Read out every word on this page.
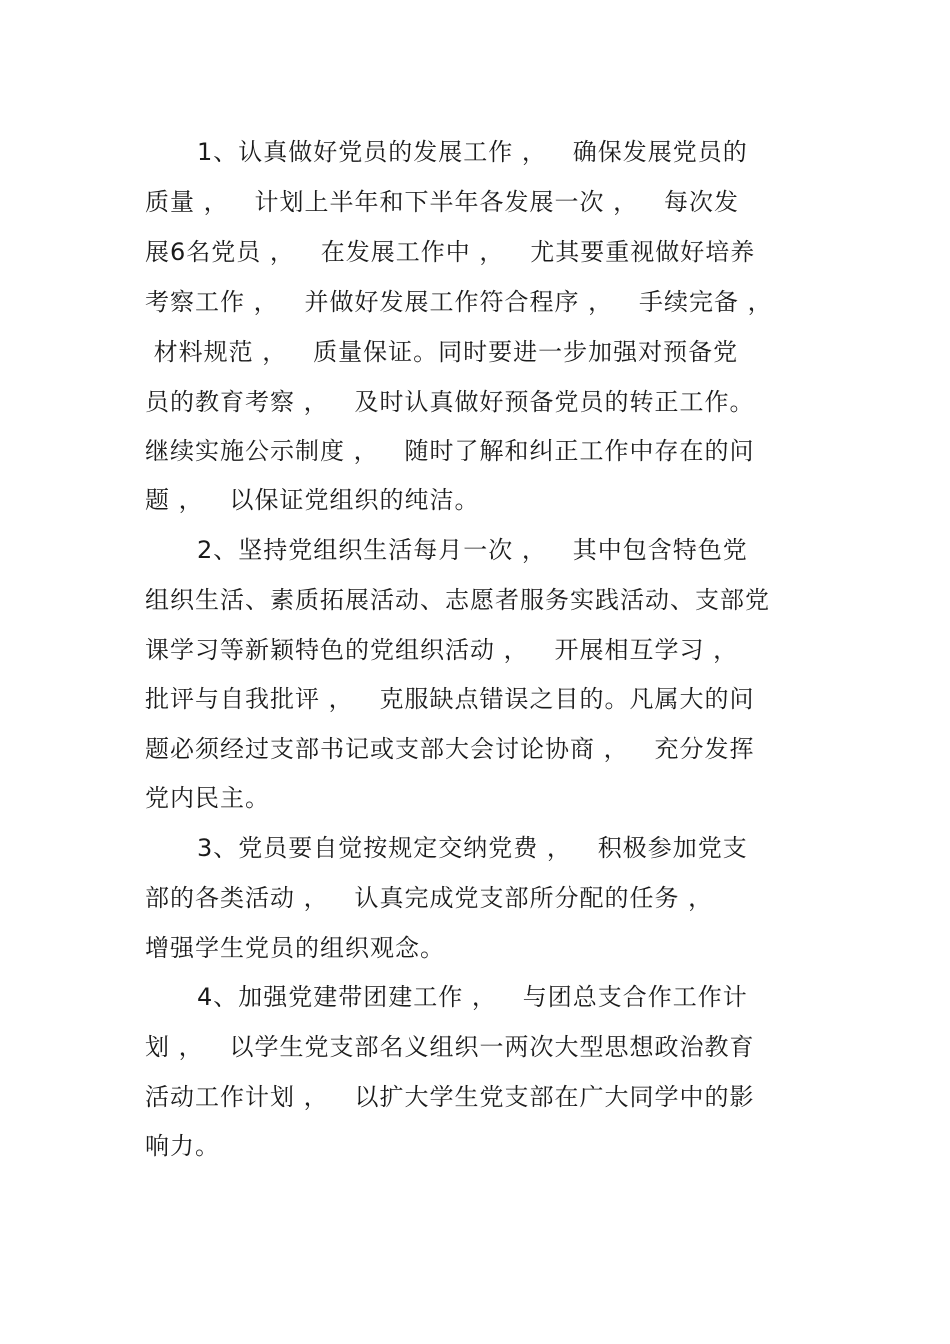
1、认真做好党员的发展工作 ，   确保发展党员的
质量 ，   计划上半年和下半年各发展一次 ，   每次发
展6名党员 ，   在发展工作中 ，   尤其要重视做好培养
考察工作 ，   并做好发展工作符合程序 ，   手续完备 ，
材料规范 ，   质量保证。同时要进一步加强对预备党
员的教育考察 ，   及时认真做好预备党员的转正工作。
继续实施公示制度 ，   随时了解和纠正工作中存在的问
题 ，   以保证党组织的纯洁。
2、坚持党组织生活每月一次 ，   其中包含特色党
组织生活、素质拓展活动、志愿者服务实践活动、支部党
课学习等新颖特色的党组织活动 ，   开展相互学习 ，
批评与自我批评 ，   克服缺点错误之目的。凡属大的问
题必须经过支部书记或支部大会讨论协商 ，   充分发挥
党内民主。
3、党员要自觉按规定交纳党费 ，   积极参加党支
部的各类活动 ，   认真完成党支部所分配的任务 ，
增强学生党员的组织观念。
4、加强党建带团建工作 ，   与团总支合作工作计
划 ，   以学生党支部名义组织一两次大型思想政治教育
活动工作计划 ，   以扩大学生党支部在广大同学中的影
响力。
